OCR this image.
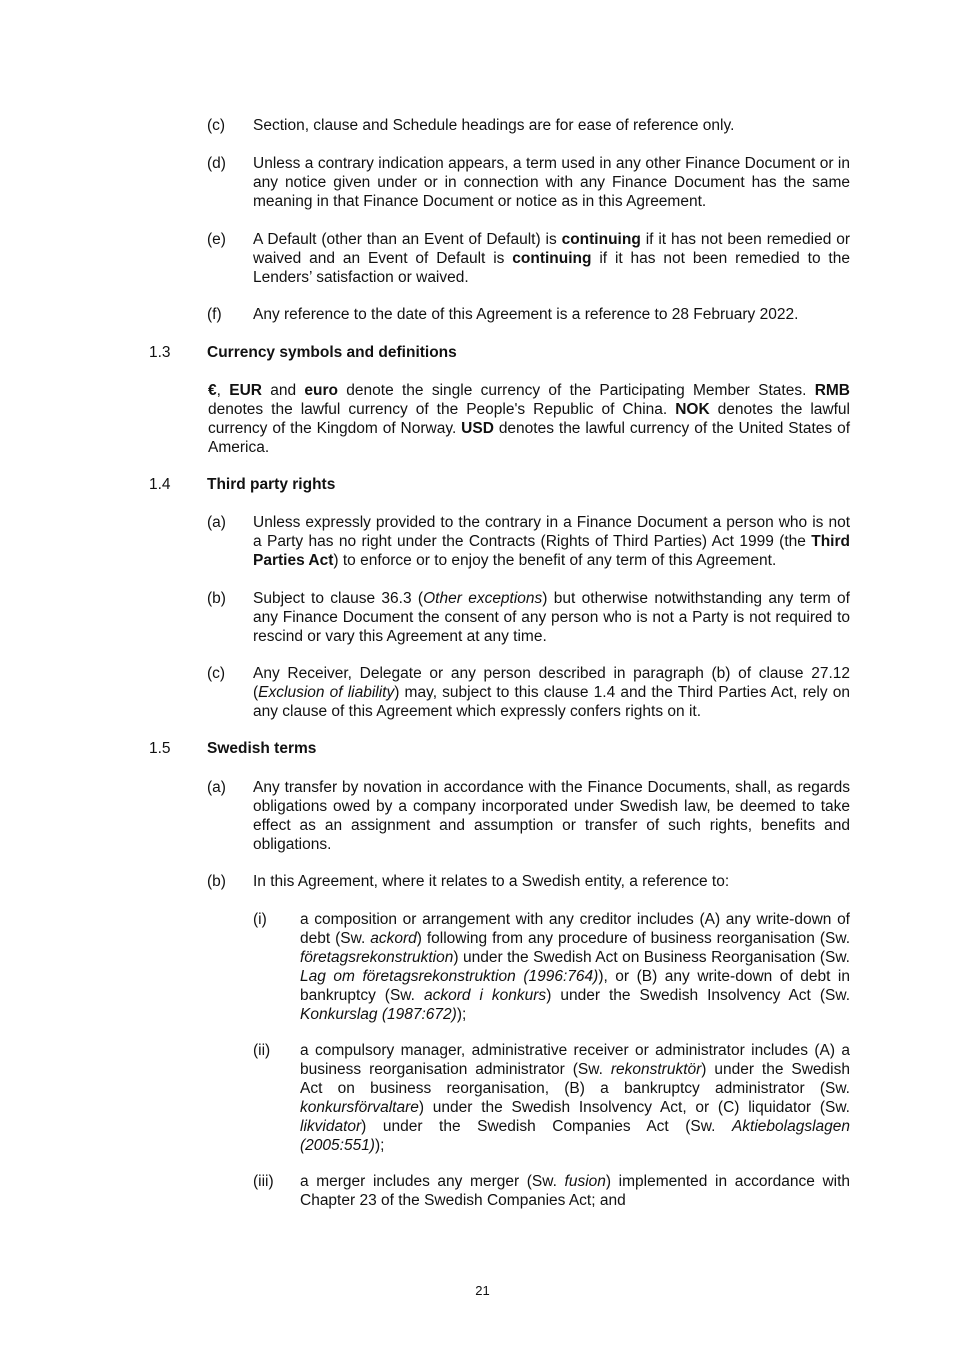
(c) Section, clause and Schedule headings are for ease of reference only.
(d) Unless a contrary indication appears, a term used in any other Finance Document or in any notice given under or in connection with any Finance Document has the same meaning in that Finance Document or notice as in this Agreement.
(e) A Default (other than an Event of Default) is continuing if it has not been remedied or waived and an Event of Default is continuing if it has not been remedied to the Lenders’ satisfaction or waived.
(f) Any reference to the date of this Agreement is a reference to 28 February 2022.
1.3 Currency symbols and definitions
€, EUR and euro denote the single currency of the Participating Member States. RMB denotes the lawful currency of the People's Republic of China. NOK denotes the lawful currency of the Kingdom of Norway. USD denotes the lawful currency of the United States of America.
1.4 Third party rights
(a) Unless expressly provided to the contrary in a Finance Document a person who is not a Party has no right under the Contracts (Rights of Third Parties) Act 1999 (the Third Parties Act) to enforce or to enjoy the benefit of any term of this Agreement.
(b) Subject to clause 36.3 (Other exceptions) but otherwise notwithstanding any term of any Finance Document the consent of any person who is not a Party is not required to rescind or vary this Agreement at any time.
(c) Any Receiver, Delegate or any person described in paragraph (b) of clause 27.12 (Exclusion of liability) may, subject to this clause 1.4 and the Third Parties Act, rely on any clause of this Agreement which expressly confers rights on it.
1.5 Swedish terms
(a) Any transfer by novation in accordance with the Finance Documents, shall, as regards obligations owed by a company incorporated under Swedish law, be deemed to take effect as an assignment and assumption or transfer of such rights, benefits and obligations.
(b) In this Agreement, where it relates to a Swedish entity, a reference to:
(i) a composition or arrangement with any creditor includes (A) any write-down of debt (Sw. ackord) following from any procedure of business reorganisation (Sw. företagsrekonstruktion) under the Swedish Act on Business Reorganisation (Sw. Lag om företagsrekonstruktion (1996:764)), or (B) any write-down of debt in bankruptcy (Sw. ackord i konkurs) under the Swedish Insolvency Act (Sw. Konkurslag (1987:672));
(ii) a compulsory manager, administrative receiver or administrator includes (A) a business reorganisation administrator (Sw. rekonstruktör) under the Swedish Act on business reorganisation, (B) a bankruptcy administrator (Sw. konkursförvaltare) under the Swedish Insolvency Act, or (C) liquidator (Sw. likvidator) under the Swedish Companies Act (Sw. Aktiebolagslagen (2005:551));
(iii) a merger includes any merger (Sw. fusion) implemented in accordance with Chapter 23 of the Swedish Companies Act; and
21
